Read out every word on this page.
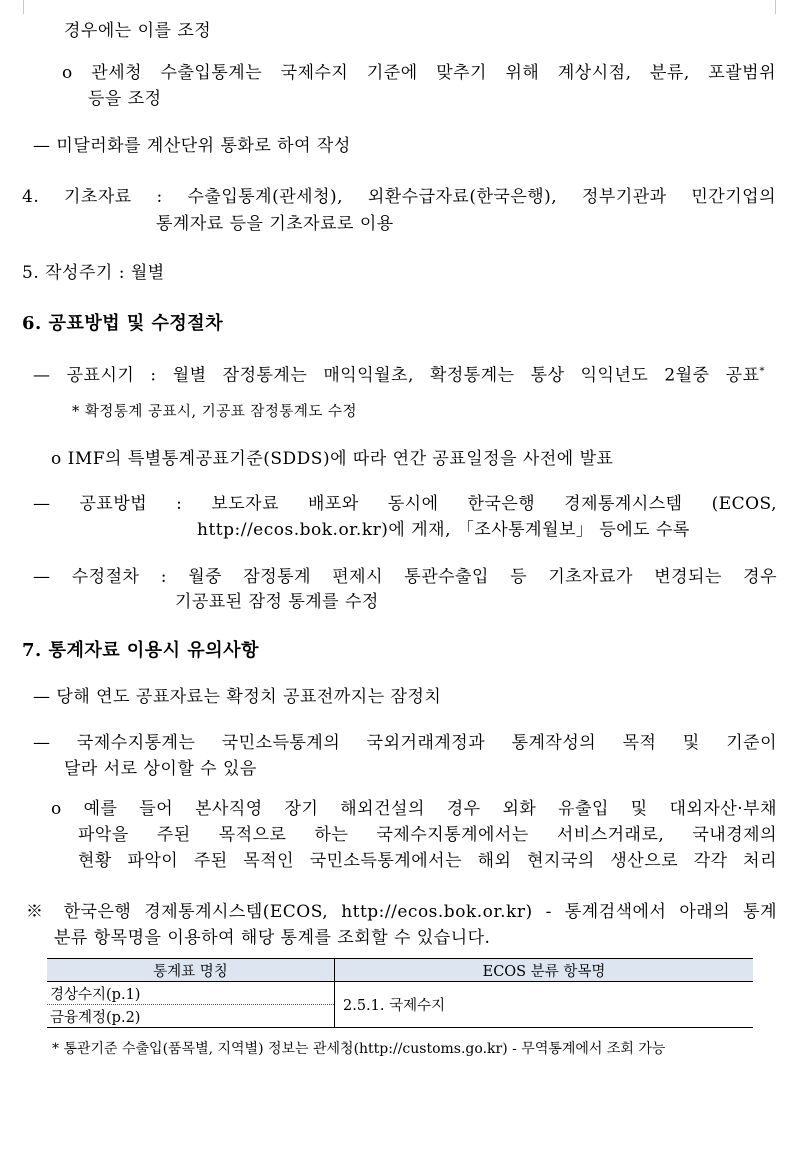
경우에는 이를 조정
o 관세청 수출입통계는 국제수지 기준에 맞추기 위해 계상시점, 분류, 포괄범위
등을 조정
— 미달러화를 계산단위 통화로 하여 작성
4. 기초자료 : 수출입통계(관세청), 외환수급자료(한국은행), 정부기관과 민간기업의
통계자료 등을 기초자료로 이용
5. 작성주기 : 월별
6. 공표방법 및 수정절차
— 공표시기 : 월별 잠정통계는 매익익월초, 확정통계는 통상 익익년도 2월중 공표*
* 확정통계 공표시, 기공표 잠정통계도 수정
o IMF의 특별통계공표기준(SDDS)에 따라 연간 공표일정을 사전에 발표
— 공표방법 : 보도자료 배포와 동시에 한국은행 경제통계시스템 (ECOS,
http://ecos.bok.or.kr)에 게재, 「조사통계월보」 등에도 수록
— 수정절차 : 월중 잠정통계 편제시 통관수출입 등 기초자료가 변경되는 경우
기공표된 잠정 통계를 수정
7. 통계자료 이용시 유의사항
— 당해 연도 공표자료는 확정치 공표전까지는 잠정치
— 국제수지통계는 국민소득통계의 국외거래계정과 통계작성의 목적 및 기준이
달라 서로 상이할 수 있음
o 예를 들어 본사직영 장기 해외건설의 경우 외화 유출입 및 대외자산·부채
파악을 주된 목적으로 하는 국제수지통계에서는 서비스거래로, 국내경제의
현황 파악이 주된 목적인 국민소득통계에서는 해외 현지국의 생산으로 각각 처리
※ 한국은행 경제통계시스템(ECOS, http://ecos.bok.or.kr) - 통계검색에서 아래의 통계
분류 항목명을 이용하여 해당 통계를 조회할 수 있습니다.
통계표 명칭	ECOS 분류 항목명
경상수지(p.1)	2.5.1. 국제수지
금융계정(p.2)	
* 통관기준 수출입(품목별, 지역별) 정보는 관세청(http://customs.go.kr) - 무역통계에서 조회 가능
